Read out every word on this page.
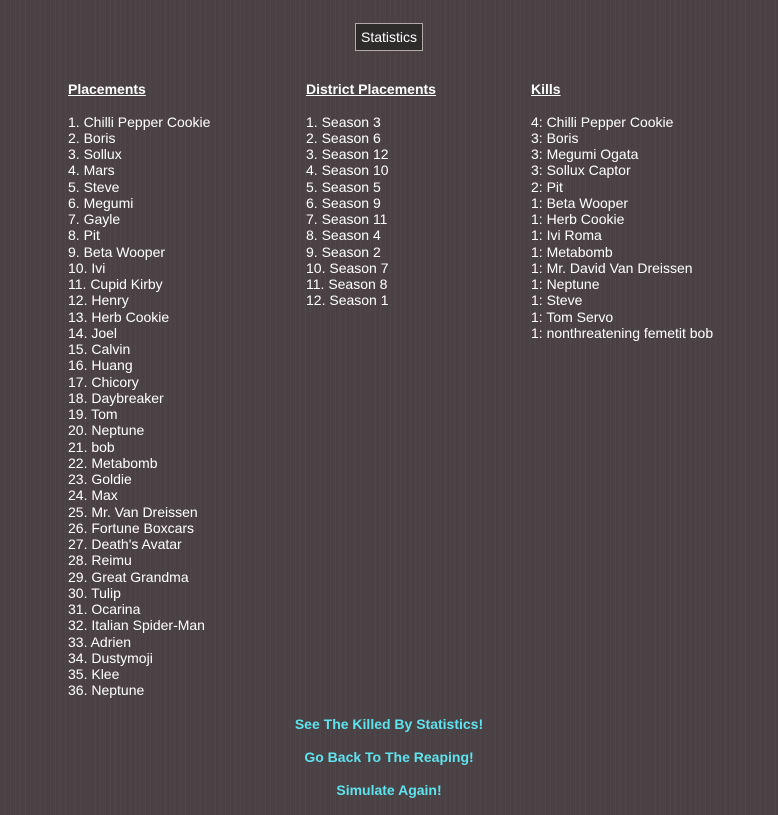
Statistics
Placements
1. Chilli Pepper Cookie
2. Boris
3. Sollux
4. Mars
5. Steve
6. Megumi
7. Gayle
8. Pit
9. Beta Wooper
10. Ivi
11. Cupid Kirby
12. Henry
13. Herb Cookie
14. Joel
15. Calvin
16. Huang
17. Chicory
18. Daybreaker
19. Tom
20. Neptune
21. bob
22. Metabomb
23. Goldie
24. Max
25. Mr. Van Dreissen
26. Fortune Boxcars
27. Death's Avatar
28. Reimu
29. Great Grandma
30. Tulip
31. Ocarina
32. Italian Spider-Man
33. Adrien
34. Dustymoji
35. Klee
36. Neptune
District Placements
1. Season 3
2. Season 6
3. Season 12
4. Season 10
5. Season 5
6. Season 9
7. Season 11
8. Season 4
9. Season 2
10. Season 7
11. Season 8
12. Season 1
Kills
4: Chilli Pepper Cookie
3: Boris
3: Megumi Ogata
3: Sollux Captor
2: Pit
1: Beta Wooper
1: Herb Cookie
1: Ivi Roma
1: Metabomb
1: Mr. David Van Dreissen
1: Neptune
1: Steve
1: Tom Servo
1: nonthreatening femetit bob
See The Killed By Statistics!
Go Back To The Reaping!
Simulate Again!
